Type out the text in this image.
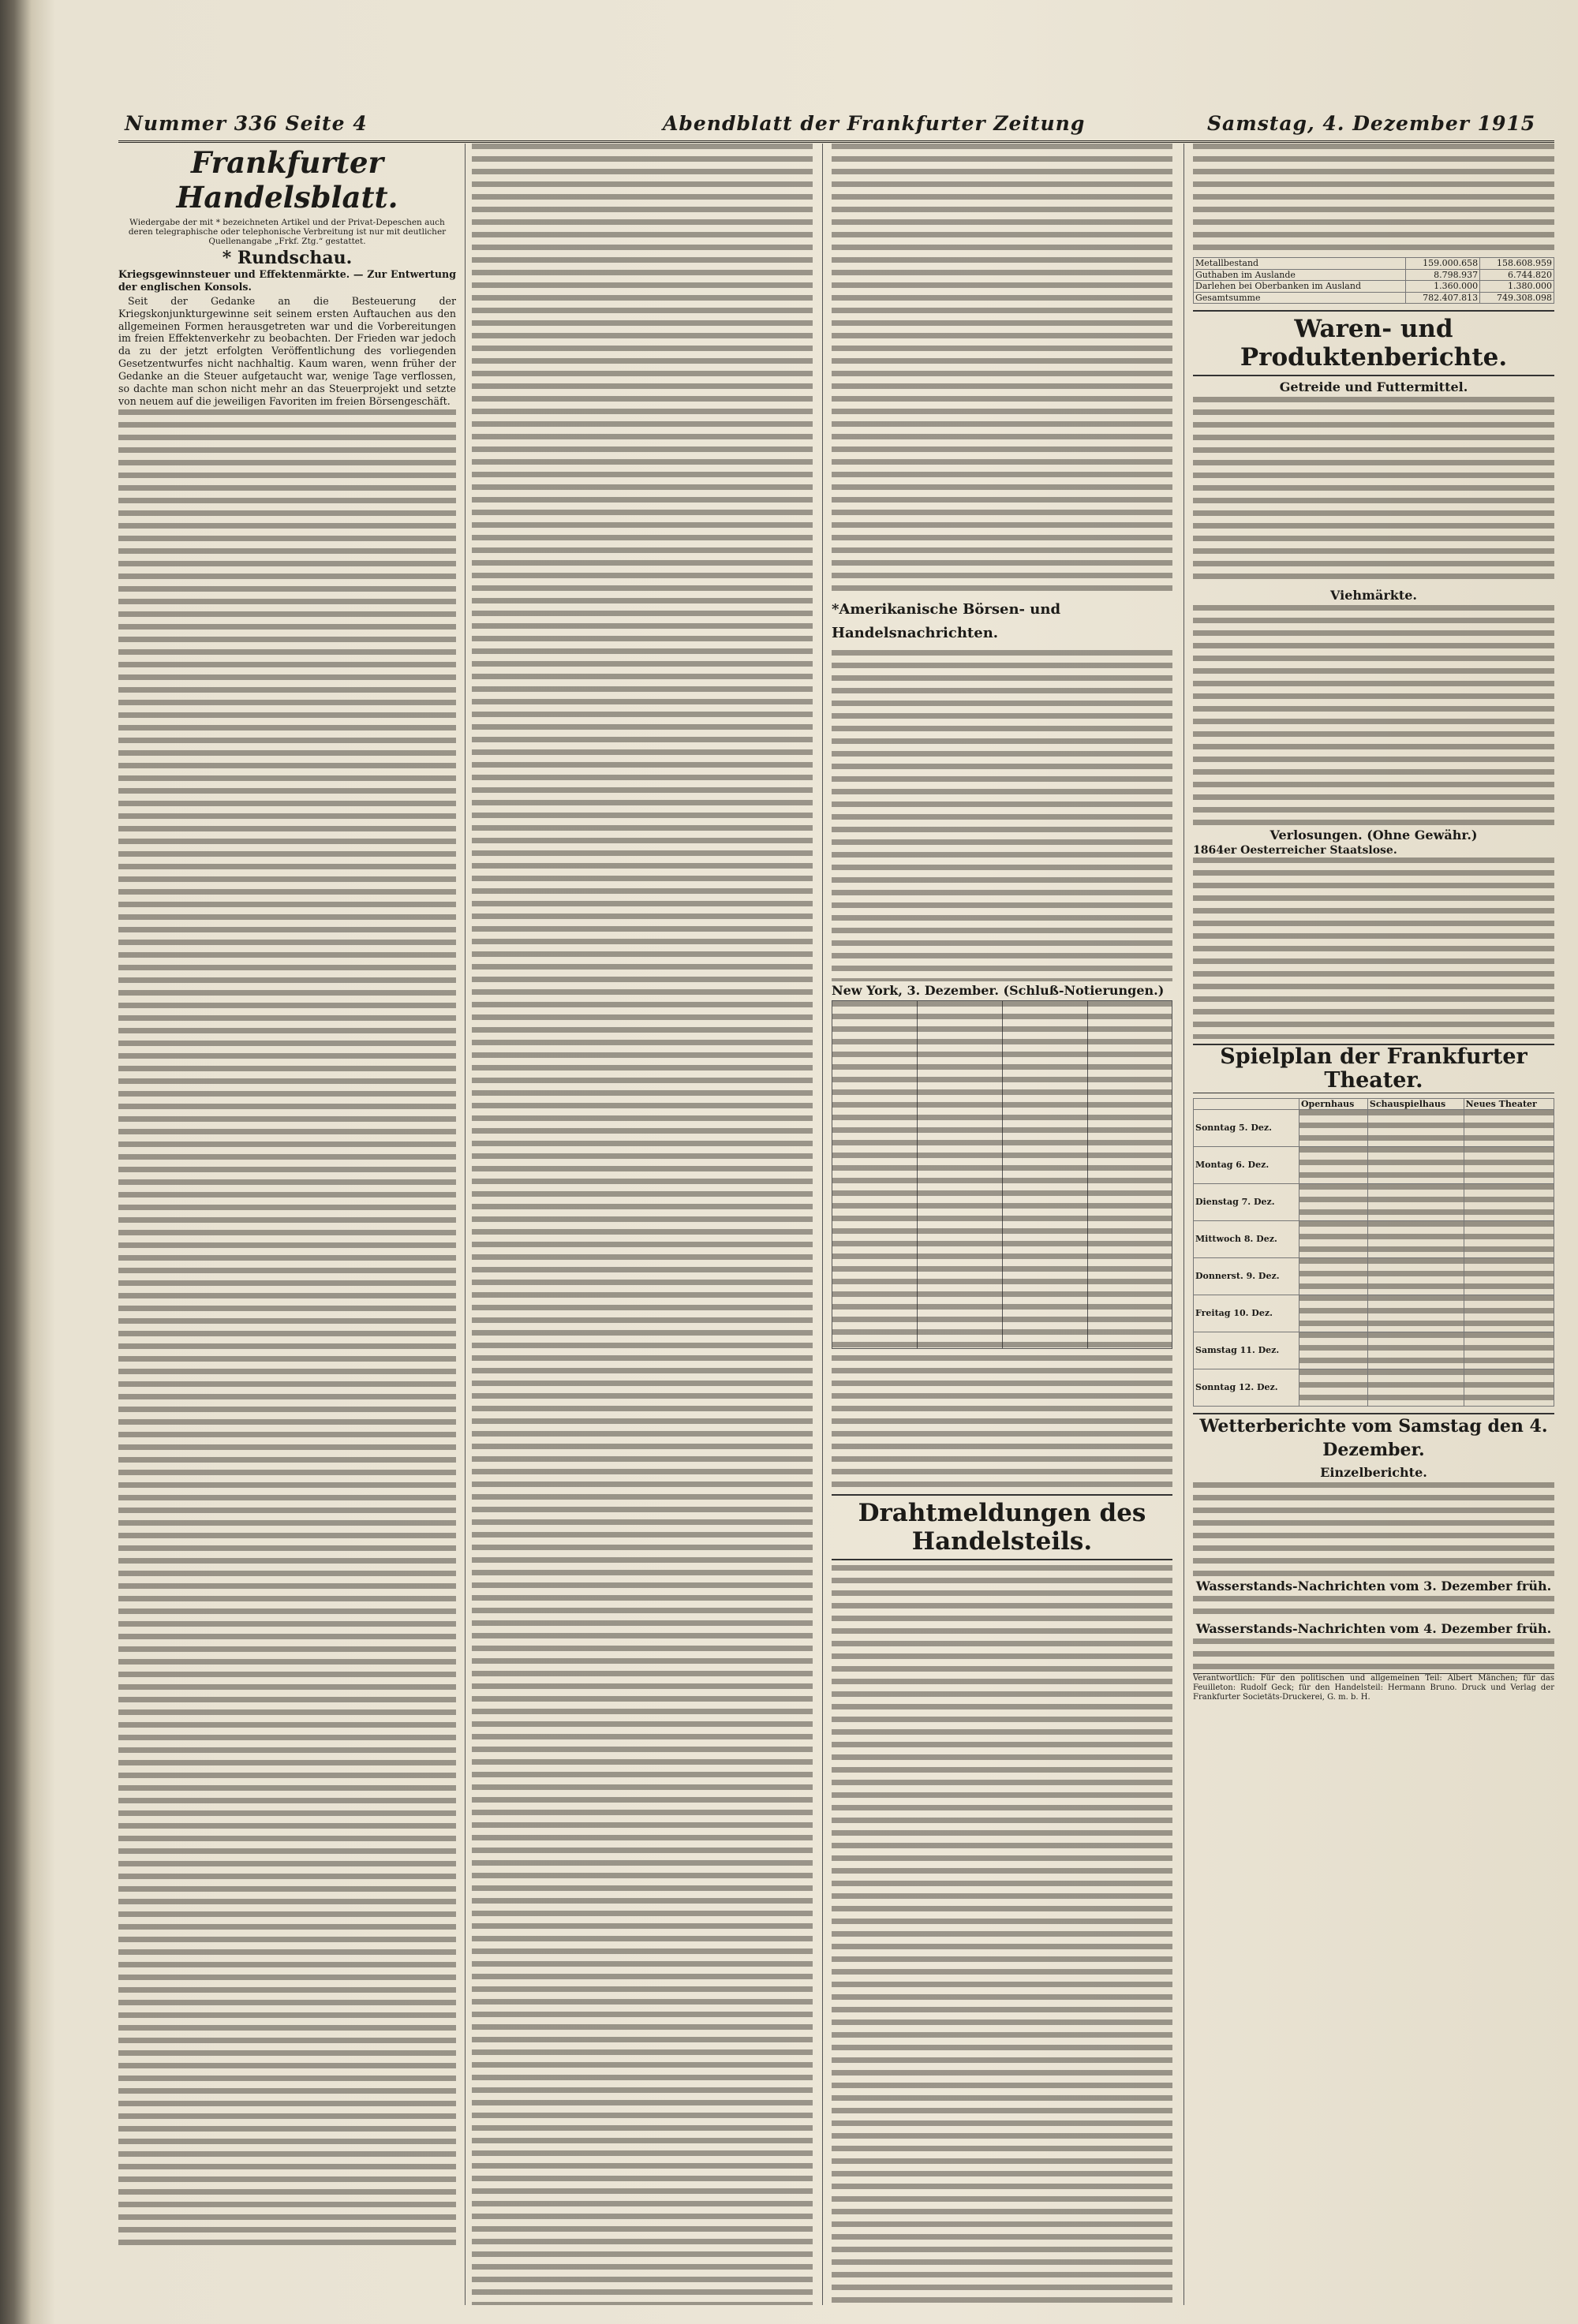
Nummer 336 Seite 4	Abendblatt der Frankfurter Zeitung	Samstag, 4. Dezember 1915
Frankfurter Handelsblatt.
Wiedergabe der mit * bezeichneten Artikel und der Privat-Depeschen auch deren telegraphische oder telephonische Verbreitung ist nur mit deutlicher Quellenangabe „Frkf. Ztg.“ gestattet.
* Rundschau.

Kriegsgewinnsteuer und Effektenmärkte. — Zur Entwertung der englischen Konsols.

Seit der Gedanke an die Besteuerung der Kriegskonjunkturgewinne seit seinem ersten Auftauchen aus den allgemeinen Formen herausgetreten war und die Vorbereitungen im freien Effektenverkehr zu beobachten. Der Frieden war jedoch da zu der jetzt erfolgten Veröffentlichung des vorliegenden Gesetzentwurfes nicht nachhaltig. Kaum waren, wenn früher der Gedanke an die Steuer aufgetaucht war, wenige Tage verflossen, so dachte man schon nicht mehr an das Steuerprojekt und setzte von neuem auf die jeweiligen Favoriten im freien Börsengeschäft.

*Amerikanische Börsen- und Handelsnachrichten.
New York, 3. Dezember. (Schluß-Notierungen.)
Drahtmeldungen des Handelsteils.
Metallbestand	159.000.658	158.608.959
Guthaben im Auslande	8.798.937	6.744.820
Darlehen bei Oberbanken im Ausland	1.360.000	1.380.000
Gesamtsumme	782.407.813	749.308.098
Waren- und Produktenberichte.
Getreide und Futtermittel.
Viehmärkte.
Verlosungen. (Ohne Gewähr.)
1864er Oesterreicher Staatslose.
Spielplan der Frankfurter Theater.
	Opernhaus	Schauspielhaus	Neues Theater
Sonntag 5. Dez.			
Montag 6. Dez.			
Dienstag 7. Dez.			
Mittwoch 8. Dez.			
Donnerst. 9. Dez.			
Freitag 10. Dez.			
Samstag 11. Dez.			
Sonntag 12. Dez.			
Wetterberichte vom Samstag den 4. Dezember.
Einzelberichte.
Wasserstands-Nachrichten vom 3. Dezember früh.
Wasserstands-Nachrichten vom 4. Dezember früh.
Verantwortlich: Für den politischen und allgemeinen Teil: Albert Mänchen; für das Feuilleton: Rudolf Geck; für den Handelsteil: Hermann Bruno. Druck und Verlag der Frankfurter Societäts-Druckerei, G. m. b. H.
